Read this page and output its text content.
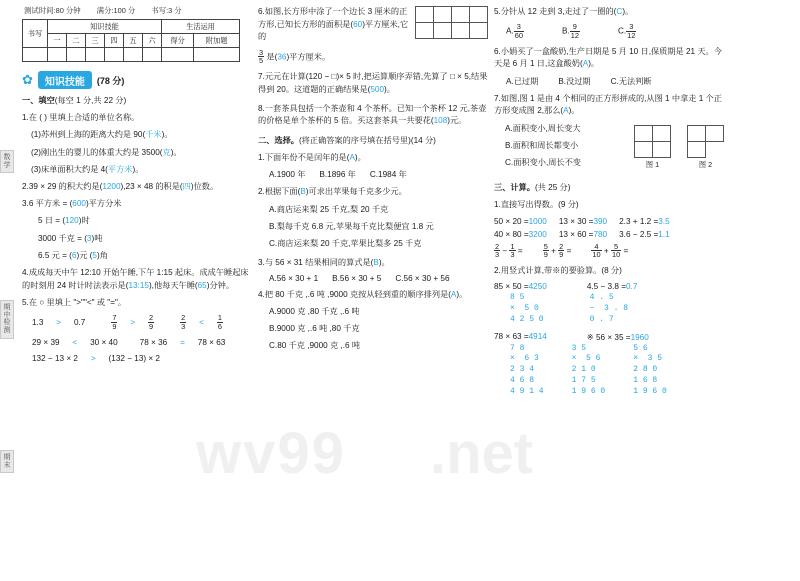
wv99 .net
测试时间:80 分钟 满分:100 分 书写:3 分
书写	知识技能						生活运用	
	一	二	三	四	五	六	得分	附加题

✿	知识技能	(78 分)

一、填空(每空 1 分,共 22 分)

1.在 ( ) 里填上合适的单位名称。

(1)苏州到上海的距离大约是 90(千米)。

(2)刚出生的婴儿的体重大约是 3500(克)。

(3)床单面积大约是 4(平方米)。

2.39 × 29 的积大约是(1200),23 × 48 的积是(四)位数。

3.6 平方米 = (600)平方分米

5 日 = (120)时

3000 千克 = (3)吨

6.5 元 = (6)元 (5)角

4.成成每天中午 12:10 开始午睡,下午 1:15 起床。成成午睡起床的时刻用 24 时计时法表示是(13:15),他每天午睡(65)分钟。

5.在 ○ 里填上 ">""<" 或 "="。

1.3 > 0.7	$\frac{7}{9} > \frac{2}{9}$	$\frac{2}{3} < \frac{1}{6}$
29 × 39 < 30 × 40	78 × 36 = 78 × 63
132 − 13 × 2 > (132 − 13) × 2

6.如图,长方形中涂了一个边长 3 厘米的正方形,已知长方形的面积是(60)平方厘米,它的

$\frac{3}{5}$ 是(36)平方厘米。

7.元元在计算(120 − □)× 5 时,把运算顺序弄错,先算了 □ × 5,结果得到 20。这道题的正确结果是(500)。

8.一套茶具包括一个茶壶和 4 个茶杯。已知一个茶杯 12 元,茶壶的价格是单个茶杯的 5 倍。买这套茶具一共要花(108)元。

二、选择。(将正确答案的序号填在括号里)(14 分)

1.下面年份不是闰年的是(A)。

A.1900 年 B.1896 年 C.1984 年

2.根据下面(B)可求出苹果每千克多少元。

A.商店运来梨 25 千克,梨 20 千克

B.梨每千克 6.8 元,苹果每千克比梨便宜 1.8 元

C.商店运来梨 20 千克,苹果比梨多 25 千克

3.与 56 × 31 结果相同的算式是(B)。

A.56 × 30 + 1 B.56 × 30 + 5 C.56 × 30 + 56

4.把 80 千克 ,.6 吨 ,9000 克按从轻到重的顺序排列是(A)。

A.9000 克 ,80 千克 ,.6 吨

B.9000 克 ,.6 吨 ,80 千克

C.80 千克 ,9000 克 ,.6 吨

5.分针从 12 走到 3,走过了一圈的(C)。

A. $\frac{3}{60}$	B. $\frac{9}{12}$	C. $\frac{3}{12}$

6.小娟买了一盒酸奶,生产日期是 5 月 10 日,保质期是 21 天。今天是 6 月 1 日,这盒酸奶(A)。

A.已过期 B.没过期 C.无法判断

7.如图,图 1 是由 4 个相同的正方形拼成的,从图 1 中拿走 1 个正方形变成图 2,那么(A)。

A.面积变小,周长变大

B.面积和周长都变小

C.面积变小,周长不变

		图 1

		图 2

三、计算。(共 25 分)

1.直接写出得数。(9 分)

50 × 20 =1000 13 × 30 =390 2.3 + 1.2 =3.5
40 × 80 =3200 13 × 60 =780 3.6 − 2.5 =1.1
$\frac{2}{3} - \frac{1}{3}$ =	$\frac{5}{9} + \frac{2}{9}$ =	$\frac{4}{10} + \frac{5}{10}$ =

2.用竖式计算,带※的要验算。(8 分)

85 × 50 =4250	4.5 − 3.8 =0.7
8 5
×  5 0
4 2 5 0
4 . 5
−  3 . 8
0 . 7
78 × 63 =4914	※ 56 × 35 =1960
7 8
×  6 3
2 3 4
4 6 8
4 9 1 4
3 5
×  5 6
2 1 0
1 7 5
1 9 6 0
5 6
×  3 5
2 8 0
1 6 8
1 9 6 0
数学
期中检测
期末
